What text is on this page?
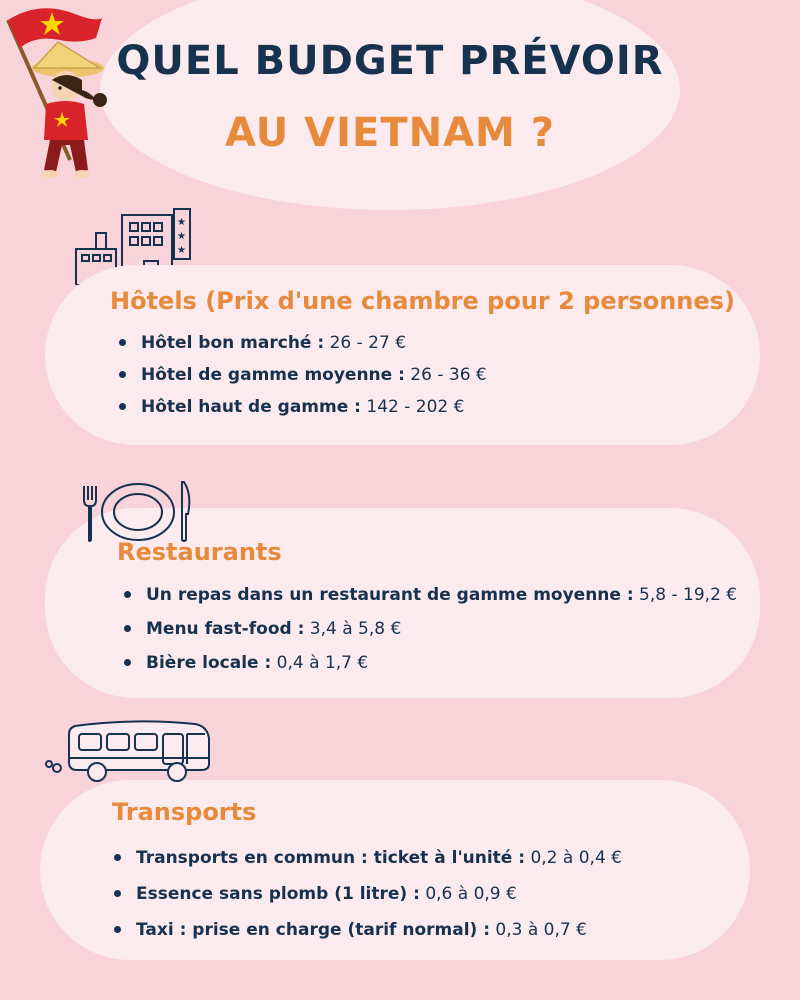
QUEL BUDGET PRÉVOIR
AU VIETNAM ?
★
★
★
Hôtels (Prix d'une chambre pour 2 personnes)
Hôtel bon marché : 26 - 27 €
Hôtel de gamme moyenne : 26 - 36 €
Hôtel haut de gamme : 142 - 202 €
Restaurants
Un repas dans un restaurant de gamme moyenne : 5,8 - 19,2 €
Menu fast-food : 3,4 à 5,8 €
Bière locale : 0,4 à 1,7 €
Transports
Transports en commun : ticket à l'unité : 0,2 à 0,4 €
Essence sans plomb (1 litre) : 0,6 à 0,9 €
Taxi : prise en charge (tarif normal) : 0,3 à 0,7 €
